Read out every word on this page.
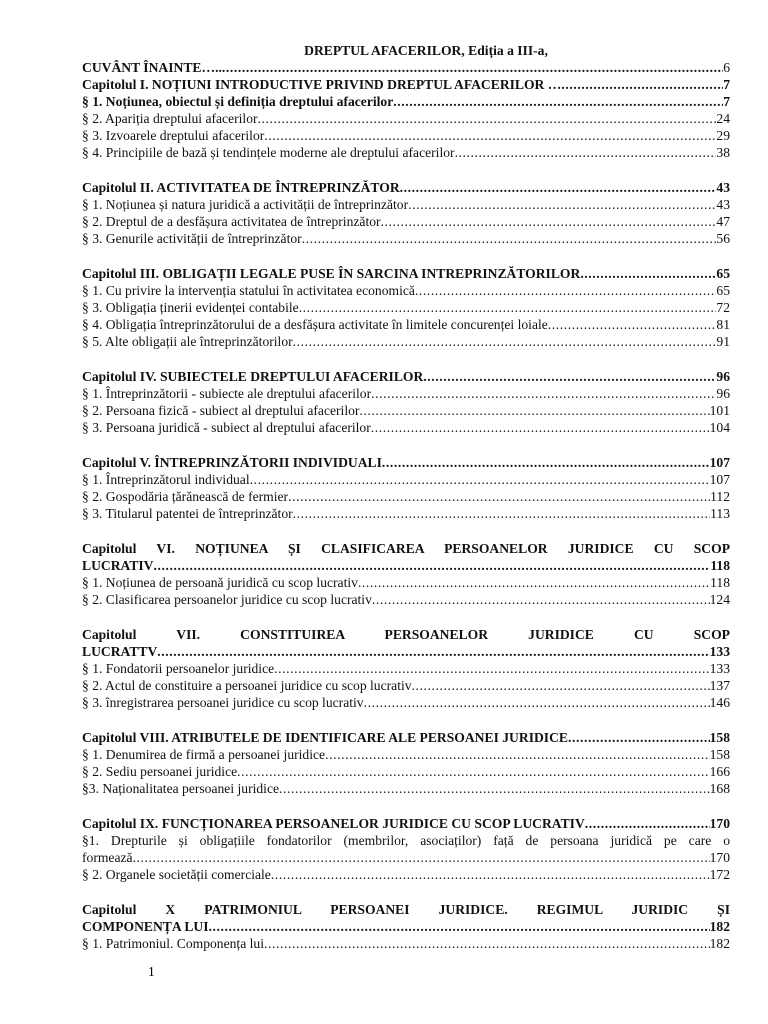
DREPTUL AFACERILOR, Ediția a III-a,
CUVÂNT ÎNAINTE….. .....	6
Capitolul I. NOȚIUNI INTRODUCTIVE PRIVIND DREPTUL AFACERILOR … .....	7
§ 1. Noțiunea, obiectul și definiția dreptului afacerilor .....	7
§ 2. Apariția dreptului afacerilor .....	24
§ 3. Izvoarele dreptului afacerilor .....	29
§ 4. Principiile de bază și tendințele moderne ale dreptului afacerilor .....	38
Capitolul II. ACTIVITATEA DE ÎNTREPRINZĂTOR .....	43
§ 1. Noțiunea și natura juridică a activității de întreprinzător .....	43
§ 2. Dreptul de a desfășura activitatea de întreprinzător .....	47
§ 3. Genurile activității de întreprinzător .....	56
Capitolul III. OBLIGAȚII LEGALE PUSE ÎN SARCINA INTREPRINZĂTORILOR .....	65
§ 1. Cu privire la intervenția statului în activitatea economică .....	65
§ 3. Obligația ținerii evidenței contabile .....	72
§ 4. Obligația întreprinzătorului de a desfășura activitate în limitele concurenței loiale .....	81
§ 5. Alte obligații ale întreprinzătorilor .....	91
Capitolul IV. SUBIECTELE DREPTULUI AFACERILOR .....	96
§ 1. Întreprinzătorii - subiecte ale dreptului afacerilor .....	96
§ 2. Persoana fizică - subiect al dreptului afacerilor .....	101
§ 3. Persoana juridică - subiect al dreptului afacerilor .....	104
Capitolul V. ÎNTREPRINZĂTORII INDIVIDUALI .....	107
§ 1. Întreprinzătorul individual .....	107
§ 2. Gospodăria țărănească de fermier .....	112
§ 3. Titularul patentei de întreprinzător .....	113
Capitolul VI. NOȚIUNEA ȘI CLASIFICAREA PERSOANELOR JURIDICE CU SCOP
LUCRATIV .....	118
§ 1. Noțiunea de persoană juridică cu scop lucrativ .....	118
§ 2. Clasificarea persoanelor juridice cu scop lucrativ .....	124
Capitolul VII. CONSTITUIREA PERSOANELOR JURIDICE CU SCOP
LUCRATTV .....	133
§ 1. Fondatorii persoanelor juridice .....	133
§ 2. Actul de constituire a persoanei juridice cu scop lucrativ .....	137
§ 3. înregistrarea persoanei juridice cu scop lucrativ .....	146
Capitolul VIII. ATRIBUTELE DE IDENTIFICARE ALE PERSOANEI JURIDICE .....	158
§ 1. Denumirea de firmă a persoanei juridice .....	158
§ 2. Sediu persoanei juridice .....	166
§3. Naționalitatea persoanei juridice .....	168
Capitolul IX. FUNCȚIONAREA PERSOANELOR JURIDICE CU SCOP LUCRATIV .....	170
§1. Drepturile și obligațiile fondatorilor (membrilor, asociaților) față de persoana juridică pe care o
formează .....	170
§ 2. Organele societății comerciale .....	172
Capitolul X PATRIMONIUL PERSOANEI JURIDICE. REGIMUL JURIDIC ȘI
COMPONENȚA LUI .....	182
§ 1. Patrimoniul. Componența lui .....	182
1
